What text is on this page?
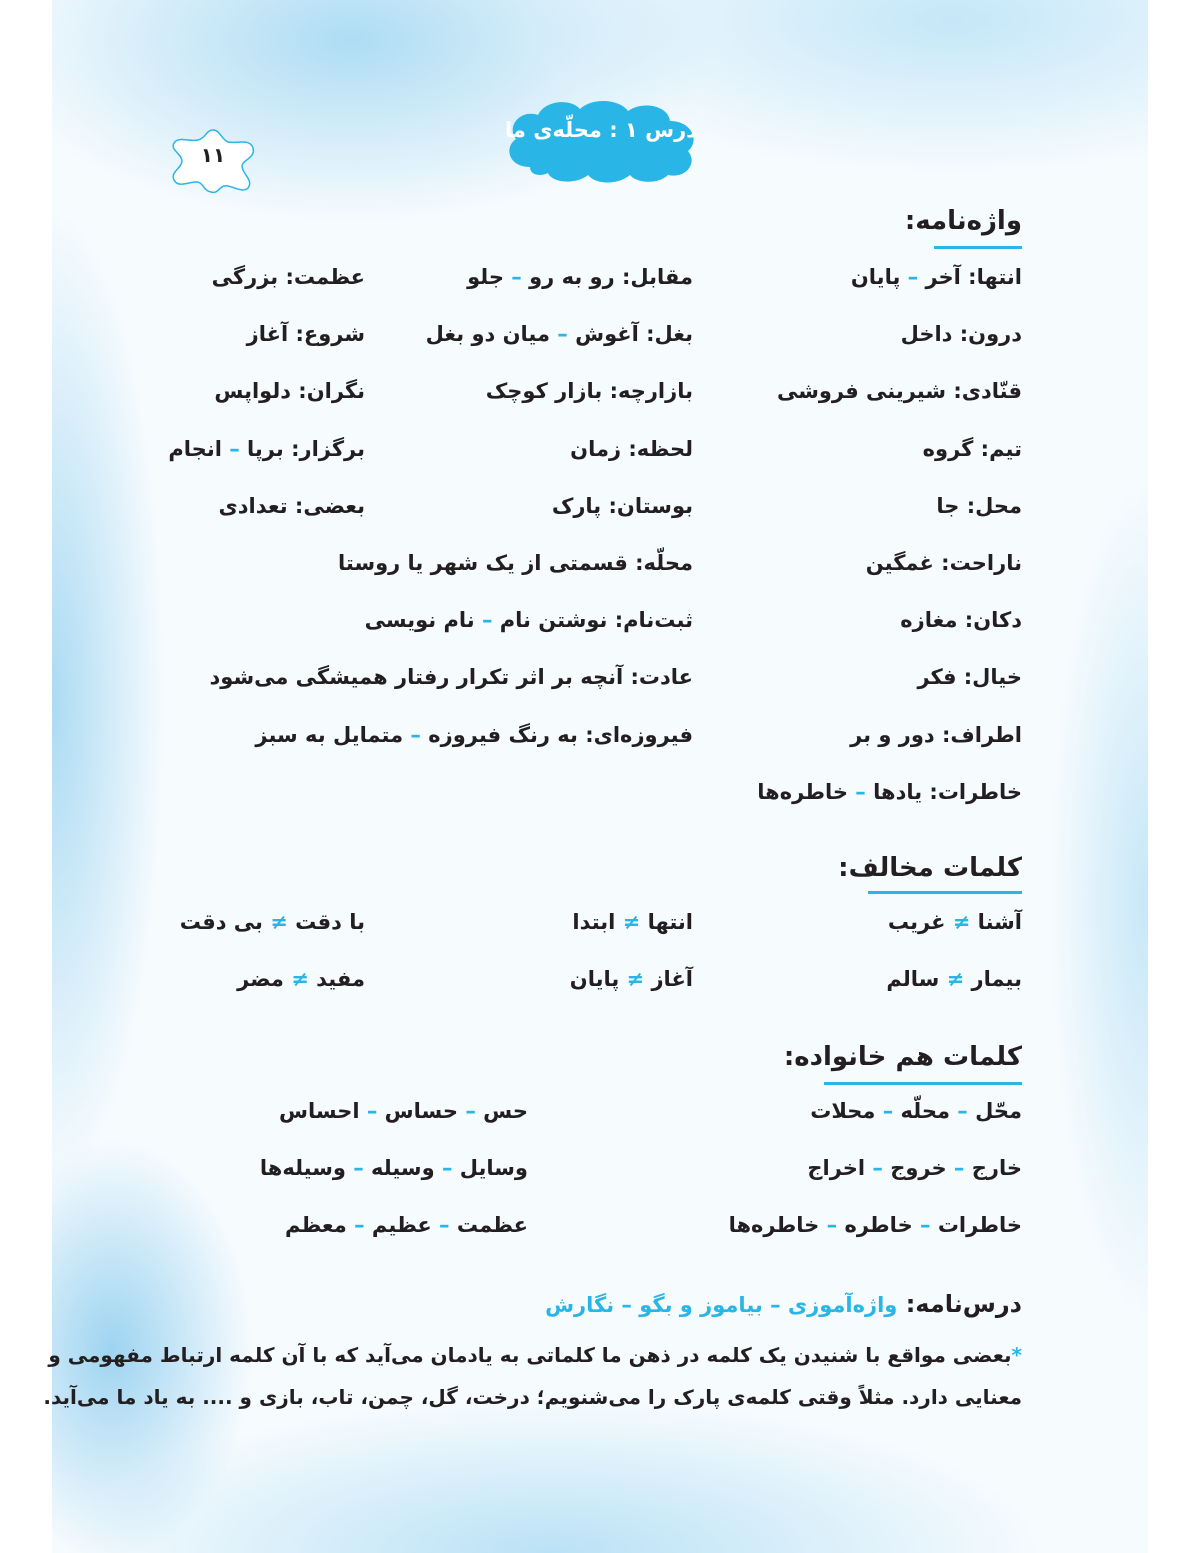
۱۱
درس ۱ : محلّه‌ی ما
واژه‌نامه:
انتها: آخر – پایان
درون: داخل
قنّادی: شیرینی فروشی
تیم: گروه
محل: جا
ناراحت: غمگین
دکان: مغازه
خیال: فکر
اطراف: دور و بر
خاطرات: یادها – خاطره‌ها
مقابل: رو به رو – جلو
بغل: آغوش – میان دو بغل
بازارچه: بازار کوچک
لحظه: زمان
بوستان: پارک
محلّه: قسمتی از یک شهر یا روستا
ثبت‌نام: نوشتن نام – نام نویسی
عادت: آنچه بر اثر تکرار رفتار همیشگی می‌شود
فیروزه‌ای: به رنگ فیروزه – متمایل به سبز
عظمت: بزرگی
شروع: آغاز
نگران: دلواپس
برگزار: برپا – انجام
بعضی: تعدادی
کلمات مخالف:
آشنا ≠ غریب
انتها ≠ ابتدا
با دقت ≠ بی دقت
بیمار ≠ سالم
آغاز ≠ پایان
مفید ≠ مضر
کلمات هم خانواده:
محّل – محلّه – محلات
خارج – خروج – اخراج
خاطرات – خاطره – خاطره‌ها
حس – حساس – احساس
وسایل – وسیله – وسیله‌ها
عظمت – عظیم – معظم
درس‌نامه: واژه‌آموزی – بیاموز و بگو – نگارش
*بعضی مواقع با شنیدن یک کلمه در ذهن ما کلماتی به یادمان می‌آید که با آن کلمه ارتباط مفهومی و
معنایی دارد. مثلاً وقتی کلمه‌ی پارک را می‌شنویم؛ درخت، گل، چمن، تاب، بازی و .... به یاد ما می‌آید.
